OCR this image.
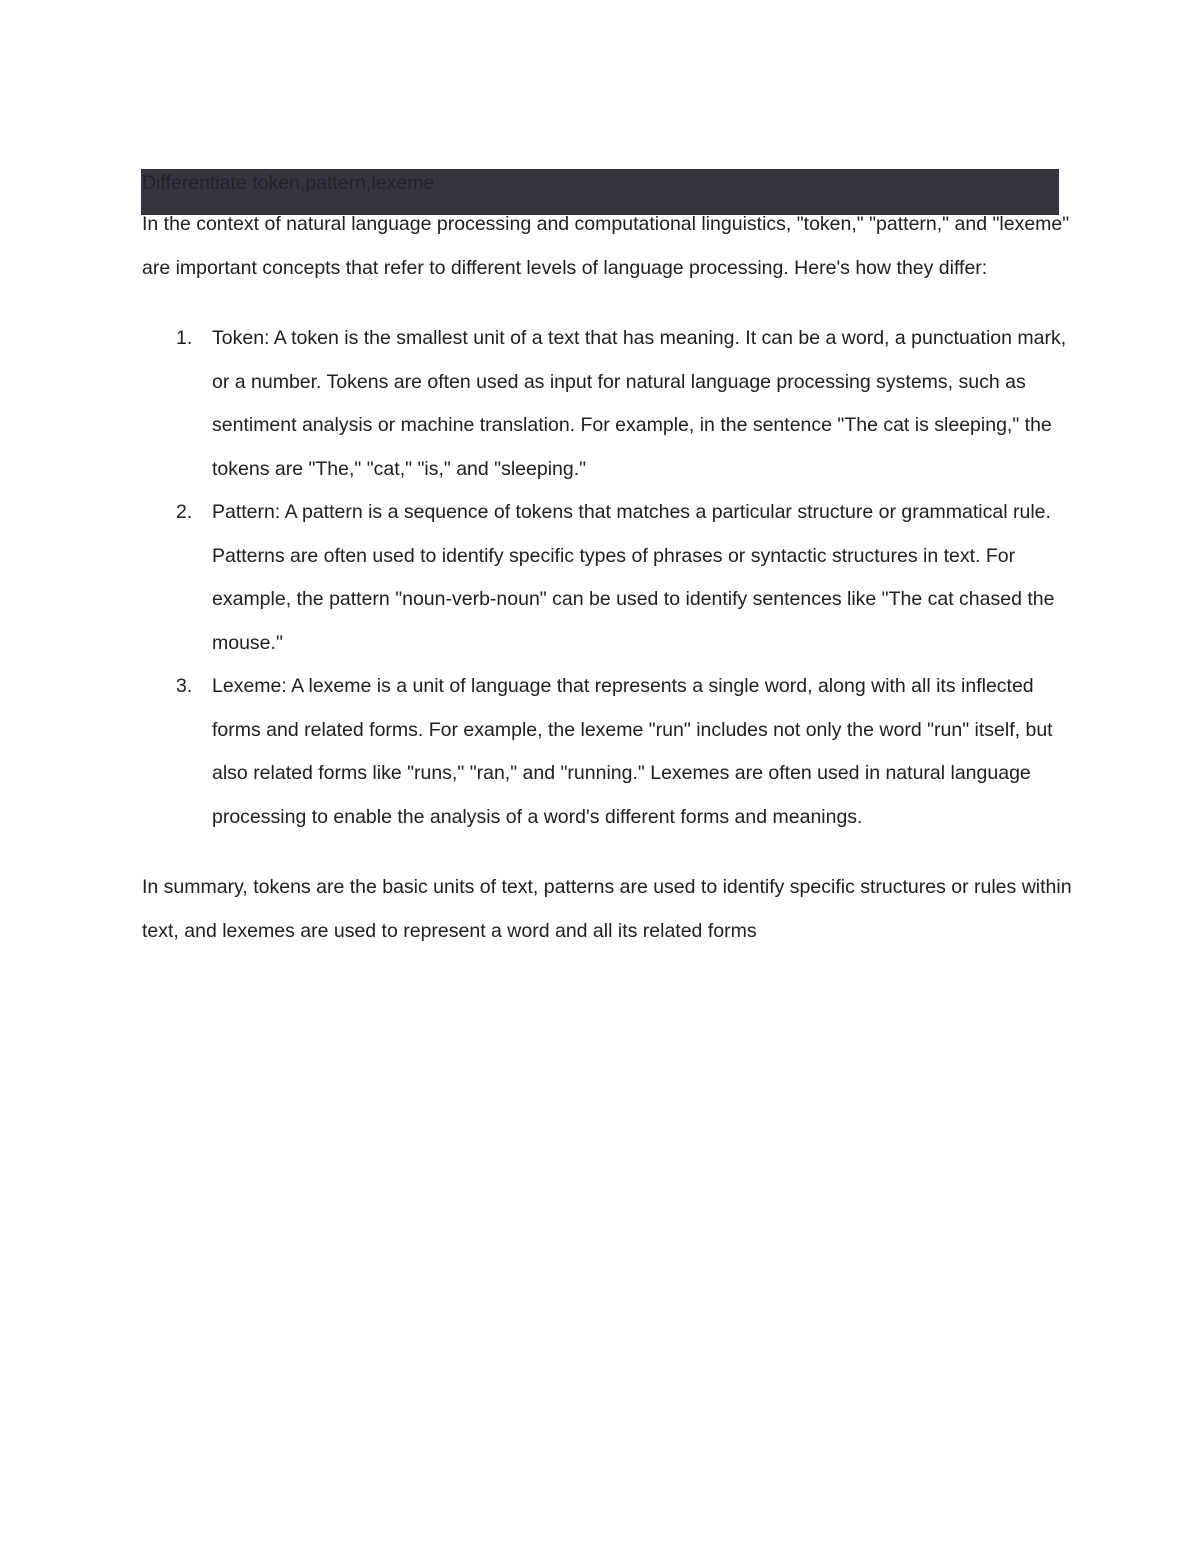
Differentiate token,pattern,lexeme

In the context of natural language processing and computational linguistics, "token," "pattern," and "lexeme" are important concepts that refer to different levels of language processing. Here's how they differ:

1. Token: A token is the smallest unit of a text that has meaning. It can be a word, a punctuation mark, or a number. Tokens are often used as input for natural language processing systems, such as sentiment analysis or machine translation. For example, in the sentence "The cat is sleeping," the tokens are "The," "cat," "is," and "sleeping."
2. Pattern: A pattern is a sequence of tokens that matches a particular structure or grammatical rule. Patterns are often used to identify specific types of phrases or syntactic structures in text. For example, the pattern "noun-verb-noun" can be used to identify sentences like "The cat chased the mouse."
3. Lexeme: A lexeme is a unit of language that represents a single word, along with all its inflected forms and related forms. For example, the lexeme "run" includes not only the word "run" itself, but also related forms like "runs," "ran," and "running." Lexemes are often used in natural language processing to enable the analysis of a word's different forms and meanings.

In summary, tokens are the basic units of text, patterns are used to identify specific structures or rules within text, and lexemes are used to represent a word and all its related forms
